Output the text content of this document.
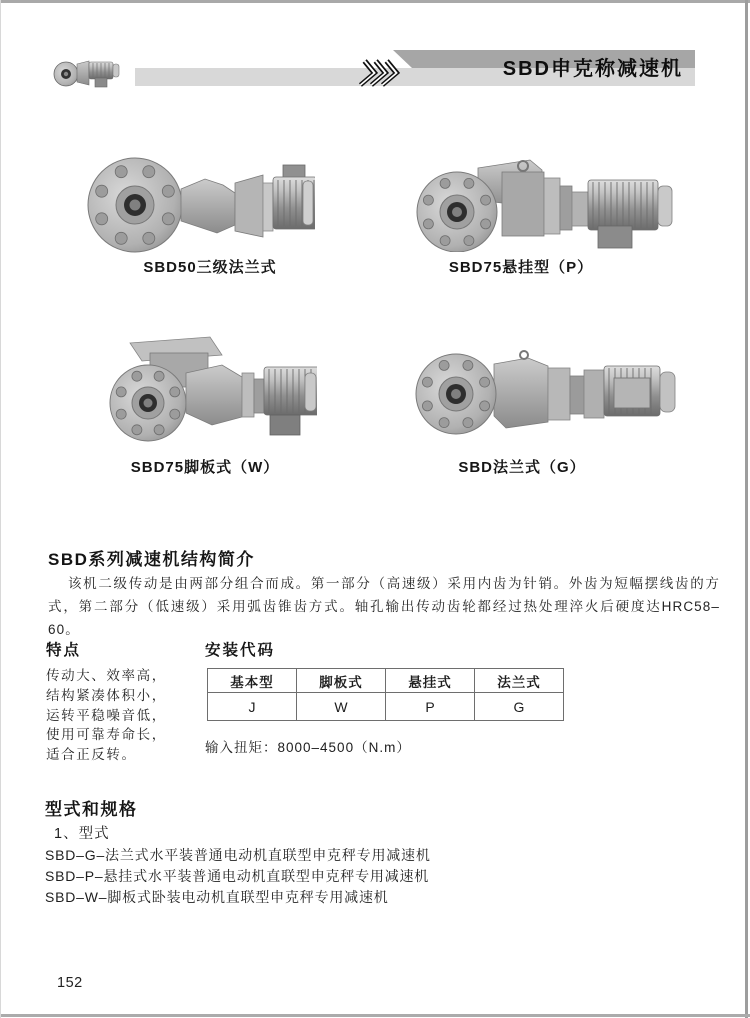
SBD申克称减速机
SBD50三级法兰式	SBD75悬挂型（P）
SBD75脚板式（W）	SBD法兰式（G）
SBD系列减速机结构简介
该机二级传动是由两部分组合而成。第一部分（高速级）采用内齿为针销。外齿为短幅摆线齿的方式，第二部分（低速级）采用弧齿锥齿方式。轴孔输出传动齿轮都经过热处理淬火后硬度达HRC58–60。
特点
传动大、效率高，
结构紧凑体积小，
运转平稳噪音低，
使用可靠寿命长，
适合正反转。
安装代码
基本型	脚板式	悬挂式	法兰式
J	W	P	G
输入扭矩：8000–4500（N.m）
型式和规格
1、型式
SBD–G–法兰式水平装普通电动机直联型申克秤专用减速机
SBD–P–悬挂式水平装普通电动机直联型申克秤专用减速机
SBD–W–脚板式卧装电动机直联型申克秤专用减速机
152
